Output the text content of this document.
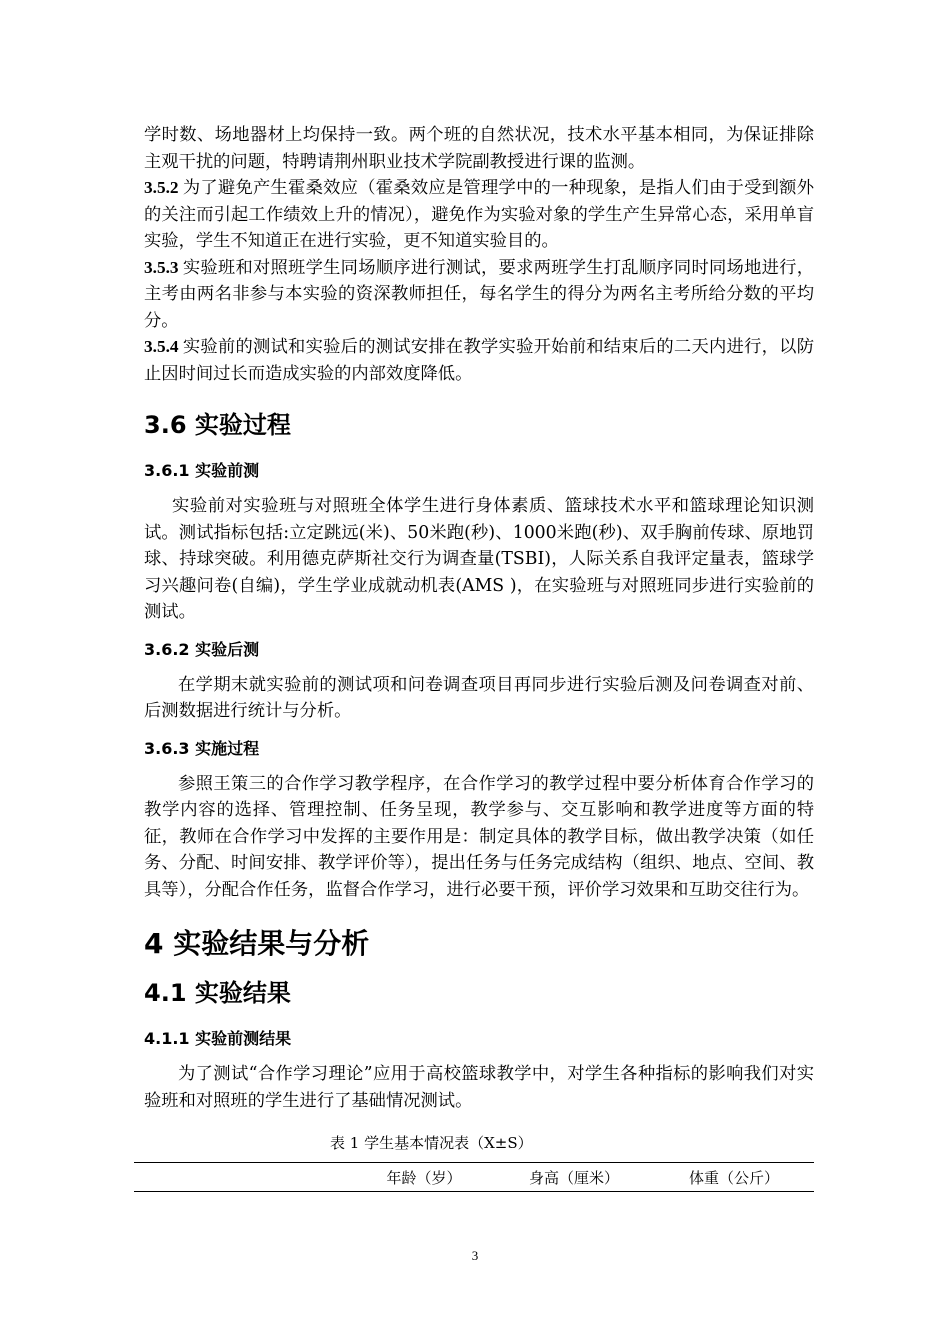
学时数、场地器材上均保持一致。两个班的自然状况，技术水平基本相同，为保证排除主观干扰的问题，特聘请荆州职业技术学院副教授进行课的监测。

3.5.2 为了避免产生霍桑效应（霍桑效应是管理学中的一种现象，是指人们由于受到额外的关注而引起工作绩效上升的情况），避免作为实验对象的学生产生异常心态，采用单盲实验，学生不知道正在进行实验，更不知道实验目的。

3.5.3 实验班和对照班学生同场顺序进行测试，要求两班学生打乱顺序同时同场地进行，主考由两名非参与本实验的资深教师担任，每名学生的得分为两名主考所给分数的平均分。

3.5.4 实验前的测试和实验后的测试安排在教学实验开始前和结束后的二天内进行，以防止因时间过长而造成实验的内部效度降低。

3.6 实验过程
3.6.1 实验前测

实验前对实验班与对照班全体学生进行身体素质、篮球技术水平和篮球理论知识测试。测试指标包括:立定跳远(米)、50米跑(秒)、1000米跑(秒)、双手胸前传球、原地罚球、持球突破。利用德克萨斯社交行为调查量(TSBI)，人际关系自我评定量表，篮球学习兴趣问卷(自编)，学生学业成就动机表(AMS )，在实验班与对照班同步进行实验前的测试。

3.6.2 实验后测

在学期末就实验前的测试项和问卷调查项目再同步进行实验后测及问卷调查对前、后测数据进行统计与分析。

3.6.3 实施过程

参照王策三的合作学习教学程序，在合作学习的教学过程中要分析体育合作学习的教学内容的选择、管理控制、任务呈现，教学参与、交互影响和教学进度等方面的特征，教师在合作学习中发挥的主要作用是：制定具体的教学目标，做出教学决策（如任务、分配、时间安排、教学评价等），提出任务与任务完成结构（组织、地点、空间、教具等），分配合作任务，监督合作学习，进行必要干预，评价学习效果和互助交往行为。

4 实验结果与分析
4.1 实验结果
4.1.1 实验前测结果

为了测试“合作学习理论”应用于高校篮球教学中，对学生各种指标的影响我们对实验班和对照班的学生进行了基础情况测试。

表 1 学生基本情况表（X±S）
年龄（岁）	身高（厘米）	体重（公斤）
3
